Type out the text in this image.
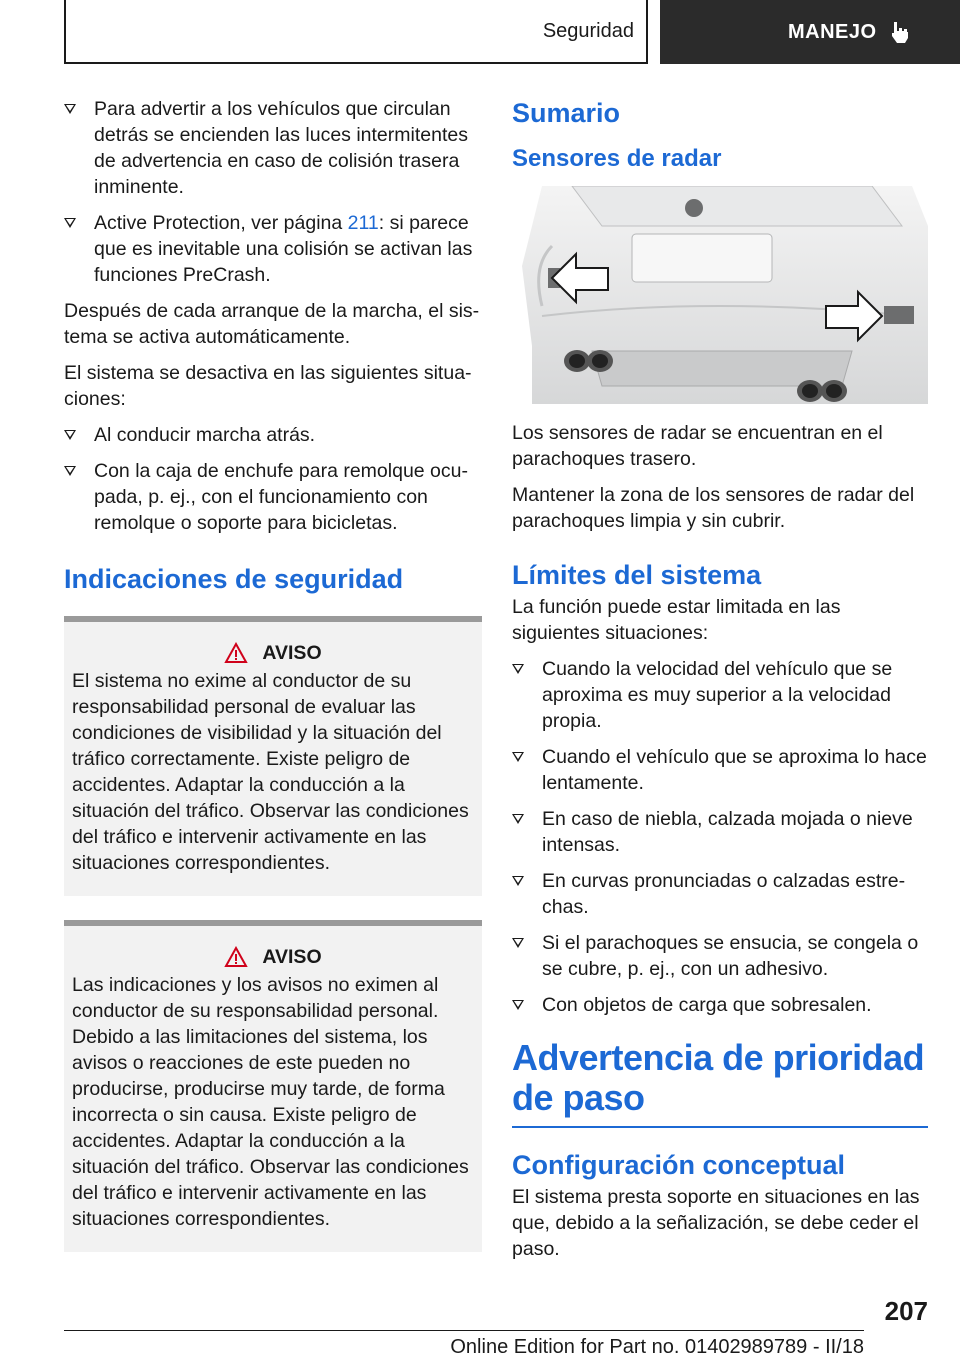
Seguridad	MANEJO
Para advertir a los vehículos que circulan detrás se encienden las luces intermitentes de advertencia en caso de colisión trasera inminente.
Active Protection, ver página 211: si parece que es inevitable una colisión se activan las funciones PreCrash.

Después de cada arranque de la marcha, el sistema se activa automáticamente.

El sistema se desactiva en las siguientes situaciones:

Al conducir marcha atrás.
Con la caja de enchufe para remolque ocupada, p. ej., con el funcionamiento con remolque o soporte para bicicletas.
Indicaciones de seguridad
AVISO

El sistema no exime al conductor de su responsabilidad personal de evaluar las condiciones de visibilidad y la situación del tráfico correctamente. Existe peligro de accidentes. Adaptar la conducción a la situación del tráfico. Observar las condiciones del tráfico e intervenir activamente en las situaciones correspondientes.

AVISO

Las indicaciones y los avisos no eximen al conductor de su responsabilidad personal. Debido a las limitaciones del sistema, los avisos o reacciones de este pueden no producirse, producirse muy tarde, de forma incorrecta o sin causa. Existe peligro de accidentes. Adaptar la conducción a la situación del tráfico. Observar las condiciones del tráfico e intervenir activamente en las situaciones correspondientes.

Sumario
Sensores de radar

Los sensores de radar se encuentran en el parachoques trasero.

Mantener la zona de los sensores de radar del parachoques limpia y sin cubrir.

Límites del sistema

La función puede estar limitada en las siguientes situaciones:

Cuando la velocidad del vehículo que se aproxima es muy superior a la velocidad propia.
Cuando el vehículo que se aproxima lo hace lentamente.
En caso de niebla, calzada mojada o nieve intensas.
En curvas pronunciadas o calzadas estrechas.
Si el parachoques se ensucia, se congela o se cubre, p. ej., con un adhesivo.
Con objetos de carga que sobresalen.
Advertencia de prioridad de paso
Configuración conceptual

El sistema presta soporte en situaciones en las que, debido a la señalización, se debe ceder el paso.

207
Online Edition for Part no. 01402989789 - II/18
